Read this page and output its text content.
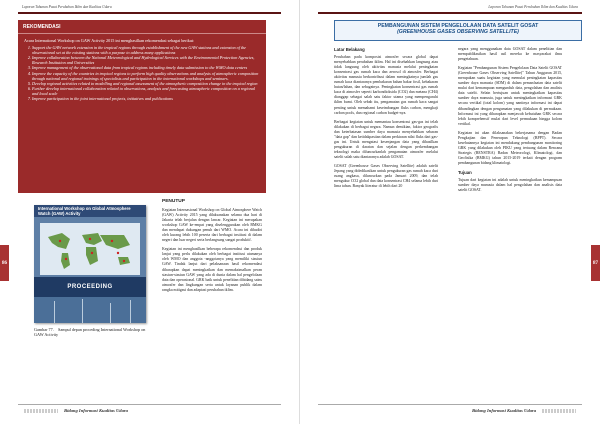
Laporan Tahunan Pusat Perubahan Iklim dan Kualitas Udara
REKOMENDASI
Acara International Workshop on GAW Activity 2015 ini menghasilkan rekomendasi sebagai berikut:
1. Support the GAW network extension in the tropical regions through establishment of the new GAW stations and extension of the observational set at the existing stations with a purpose to address many applications
2. Improve collaboration between the National Meteorological and Hydrological Services with the Environmental Protection Agencies, Research Institution and Universities
3. Improve management of the observational data from tropical regions including timely data submission to the WMO data centers
4. Improve the capacity of the countries in tropical regions to perform high quality observations and analysis of atmospheric composition through national and regional trainings of specialists and participation in the international workshops and seminars.
5. Develop regional activities related to modelling and regional assessment of the atmospheric composition change in the tropical region
6. Further develop international collaboration related to observations, analysis and forecasting atmospheric composition on a regional and local scale
7. Improve participation in the joint international projects, initiatives and publications
International Workshop on Global Atmosphere Watch (GAW) Activity
PROCEEDING
Gambar 77.	Sampul depan proceding International Workshop on GAW Activity
PENUTUP

Kegiatan Internasional Workshop on Global Atmosphere Watch (GAW) Activity 2015 yang dilaksanakan selama dua hari di Jakarta telah berjalan dengan lancar. Kegiatan ini merupakan workshop GAW ke-empat yang diselenggarakan oleh BMKG dan mendapat dukungan penuh dari WMO. Acara ini dihadiri oleh kurang lebih 100 peserta dari berbagai institusi di dalam negeri dan luar negeri serta berlangsung sangat produktif.

Kegiatan ini menghasilkan beberapa rekomendasi dan produk lanjut yang perlu dilakukan oleh berbagai institusi utamanya oleh WMO dan anggota -anggotanya yang memiliki stasiun GAW. Tindak lanjut dari pelaksanaan hasil rekomendasi diharapkan dapat meningkatkan dan memaksimalkan peran stasiun-stasiun GAW yang ada di dunia dalam hal pengelolaan data dan operasional. GRK baik untuk penelitian dibidang sains atmosfer dan lingkungan serta untuk layanan publik dalam rangka mitigasi dan adaptasi perubahan iklim.

86
Bidang Informasi Kualitas Udara
Laporan Tahunan Pusat Perubahan Iklim dan Kualitas Udara
PEMBANGUNAN SISTEM PENGELOLAAN DATA SATELIT GOSAT
(GREENHOUSE GASES OBSERVING SATELLITE)
Latar Belakang

Perubahan pada komposisi atmosfer secara global dapat menyebabkan perubahan iklim. Hal ini disebabkan langsung atau tidak langsung oleh aktivitas manusia melalui peningkatan konsentrasi gas rumah kaca dan aerosol di atmosfer. Berbagai aktivitas manusia berkontribusi dalam meningkatnya jumlah gas rumah kaca diantaranya pembakaran bahan bakar fosil, kebakaran hutan/lahan, dan sebagainya. Peningkatan konsentrasi gas rumah kaca di atmosfer seperti karbondioksida (CO2) dan metana (CH4) dianggap sebagai salah satu faktor utama yang mempengaruhi iklim bumi. Oleh sebab itu, pengamatan gas rumah kaca sangat penting untuk memahami keseimbangan fluks carbon, mengkaji carbon pools, dan regional carbon budget-nya.

Berbagai kegiatan untuk memantau konsentrasi gas-gas ini telah dilakukan di berbagai negara. Namun demikian, faktor geografis dan keterbatasan sumber daya manusia menyebabkan sebaran "data gap" dan ketidakpastian dalam perkiraan nilai fluks dari gas-gas ini. Untuk mengatasi kesenjangan data yang dihasilkan pengukuran di daratan dan sejalan dengan perkembangan teknologi maka diluncurkanlah pengamatan atmosfer melalui satelit salah satu diantaranya adalah GOSAT.

GOSAT (Greenhouse Gases Observing Satellite) adalah satelit Jepang yang didedikasikan untuk pengukuran gas rumah kaca dari ruang angkasa, diluncurkan pada Januari 2009, dan telah mengukur CO2 global dan data konsentrasi CH4 selama lebih dari lima tahun. Banyak literatur di lebih dari 20

negara yang menggunakan data GOSAT dalam penelitian dan mempublikasikan hasil asil mereka ke masyarakat ilmu pengetahuan.

Kegiatan "Pembangunan Sistem Pengelolaan Data Satelit GOSAT (Greenhouse Gases Observing Satellite)" Tahun Anggaran 2015, merupakan suatu kegiatan yang memulai peningkatan kapasitas sumber daya manusia (SDM) di dalam pemanfaatan data satelit mulai dari kemampuan mengunduh data, pengolahan dan analisis data satelit. Selain bertujuan untuk meningkatkan kapasitas sumber daya manusia, juga untuk meningkatkan informasi GRK secara vertikal (total kolom) yang nantinya informasi ini dapat dibandingkan dengan pengamatan yang dilakukan di permukaan. Informasi ini yang diharapkan menjawab kebutuhan GRK secara lebih komprehensif mulai dari level permukaan hingga kolom vertikal.

Kegiatan ini akan dilaksanakan bekerjasama dengan Badan Pengkajian dan Penerapan Teknologi (BPPT). Secara kesehatannya kegiatan ini mendukung pembangunan monitoring GRK yang dilakukan oleh PIKU yang tertuang dalam Rencana Strategis (RENSTRA) Badan Meteorologi, Klimatologi, dan Geofisika (BMKG) tahun 2015-2019 terkait dengan program pembangunan bidang klimatologi.

Tujuan

Tujuan dari kegiatan ini adalah untuk meningkatkan kemampuan sumber daya manusia dalam hal pengolahan dan analisis data satelit GOSAT.

87
Bidang Informasi Kualitas Udara
